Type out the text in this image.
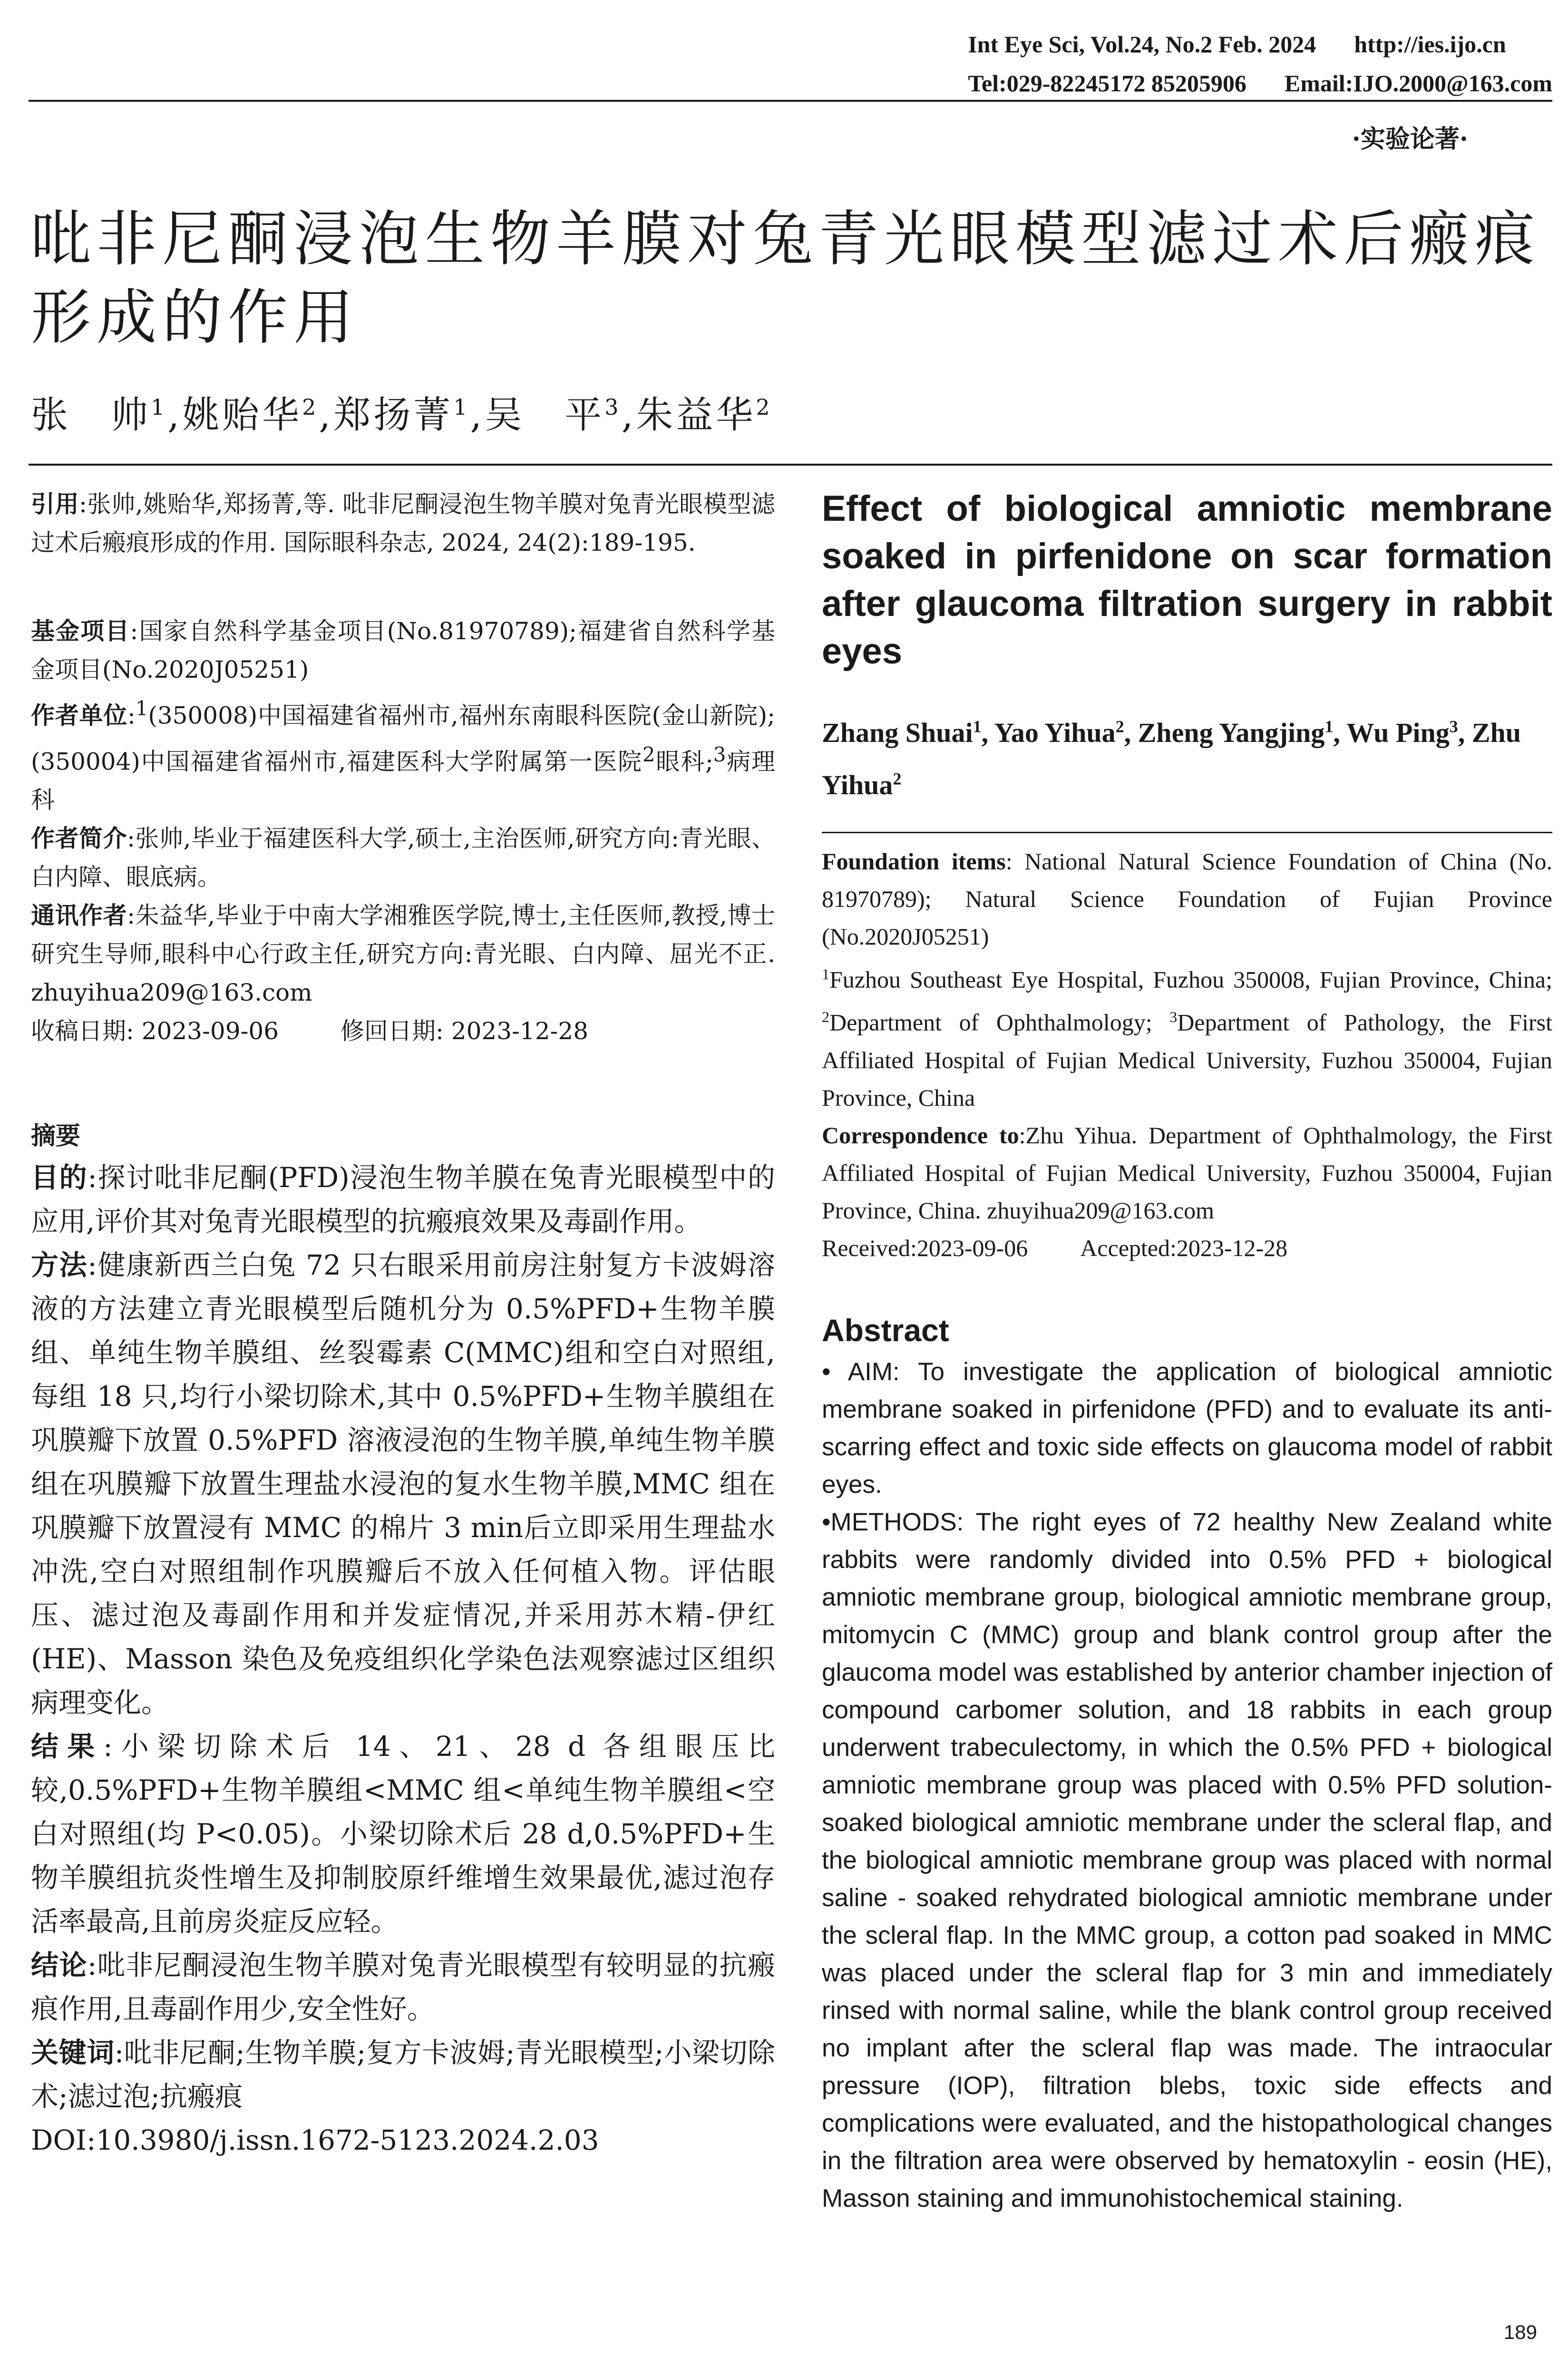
Int Eye Sci, Vol.24, No.2 Feb. 2024 http://ies.ijo.cn
Tel:029-82245172 85205906 Email:IJO.2000@163.com
·实验论著·
吡非尼酮浸泡生物羊膜对兔青光眼模型滤过术后瘢痕形成的作用
张　帅$^1$,姚贻华$^2$,郑扬菁$^1$,吴　平$^3$,朱益华$^2$

引用:张帅,姚贻华,郑扬菁,等. 吡非尼酮浸泡生物羊膜对兔青光眼模型滤过术后瘢痕形成的作用. 国际眼科杂志, 2024, 24(2):189-195.

基金项目:国家自然科学基金项目(No.81970789);福建省自然科学基金项目(No.2020J05251)

作者单位:$^1$(350008)中国福建省福州市,福州东南眼科医院(金山新院);(350004)中国福建省福州市,福建医科大学附属第一医院$^2$眼科;$^3$病理科

作者简介:张帅,毕业于福建医科大学,硕士,主治医师,研究方向:青光眼、白内障、眼底病。

通讯作者:朱益华,毕业于中南大学湘雅医学院,博士,主任医师,教授,博士研究生导师,眼科中心行政主任,研究方向:青光眼、白内障、屈光不正. zhuyihua209@163.com

收稿日期: 2023-09-06	修回日期: 2023-12-28

摘要

目的:探讨吡非尼酮(PFD)浸泡生物羊膜在兔青光眼模型中的应用,评价其对兔青光眼模型的抗瘢痕效果及毒副作用。

方法:健康新西兰白兔 72 只右眼采用前房注射复方卡波姆溶液的方法建立青光眼模型后随机分为 0.5%PFD+生物羊膜组、单纯生物羊膜组、丝裂霉素 C(MMC)组和空白对照组,每组 18 只,均行小梁切除术,其中 0.5%PFD+生物羊膜组在巩膜瓣下放置 0.5%PFD 溶液浸泡的生物羊膜,单纯生物羊膜组在巩膜瓣下放置生理盐水浸泡的复水生物羊膜,MMC 组在巩膜瓣下放置浸有 MMC 的棉片 3 min后立即采用生理盐水冲洗,空白对照组制作巩膜瓣后不放入任何植入物。评估眼压、滤过泡及毒副作用和并发症情况,并采用苏木精-伊红(HE)、Masson 染色及免疫组织化学染色法观察滤过区组织病理变化。

结果:小梁切除术后 14、21、28 d 各组眼压比较,0.5%PFD+生物羊膜组<MMC 组<单纯生物羊膜组<空白对照组(均 P<0.05)。小梁切除术后 28 d,0.5%PFD+生物羊膜组抗炎性增生及抑制胶原纤维增生效果最优,滤过泡存活率最高,且前房炎症反应轻。

结论:吡非尼酮浸泡生物羊膜对兔青光眼模型有较明显的抗瘢痕作用,且毒副作用少,安全性好。

关键词:吡非尼酮;生物羊膜;复方卡波姆;青光眼模型;小梁切除术;滤过泡;抗瘢痕

DOI:10.3980/j.issn.1672-5123.2024.2.03

Effect of biological amniotic membrane soaked in pirfenidone on scar formation after glaucoma filtration surgery in rabbit eyes

Zhang Shuai$^1$, Yao Yihua$^2$, Zheng Yangjing$^1$, Wu Ping$^3$, Zhu Yihua$^2$

Foundation items: National Natural Science Foundation of China (No. 81970789); Natural Science Foundation of Fujian Province (No.2020J05251)

$^1$Fuzhou Southeast Eye Hospital, Fuzhou 350008, Fujian Province, China; $^2$Department of Ophthalmology; $^3$Department of Pathology, the First Affiliated Hospital of Fujian Medical University, Fuzhou 350004, Fujian Province, China

Correspondence to:Zhu Yihua. Department of Ophthalmology, the First Affiliated Hospital of Fujian Medical University, Fuzhou 350004, Fujian Province, China. zhuyihua209@163.com

Received:2023-09-06 Accepted:2023-12-28

Abstract

• AIM: To investigate the application of biological amniotic membrane soaked in pirfenidone (PFD) and to evaluate its anti-scarring effect and toxic side effects on glaucoma model of rabbit eyes.

•METHODS: The right eyes of 72 healthy New Zealand white rabbits were randomly divided into 0.5% PFD + biological amniotic membrane group, biological amniotic membrane group, mitomycin C (MMC) group and blank control group after the glaucoma model was established by anterior chamber injection of compound carbomer solution, and 18 rabbits in each group underwent trabeculectomy, in which the 0.5% PFD + biological amniotic membrane group was placed with 0.5% PFD solution-soaked biological amniotic membrane under the scleral flap, and the biological amniotic membrane group was placed with normal saline - soaked rehydrated biological amniotic membrane under the scleral flap. In the MMC group, a cotton pad soaked in MMC was placed under the scleral flap for 3 min and immediately rinsed with normal saline, while the blank control group received no implant after the scleral flap was made. The intraocular pressure (IOP), filtration blebs, toxic side effects and complications were evaluated, and the histopathological changes in the filtration area were observed by hematoxylin - eosin (HE), Masson staining and immunohistochemical staining.

189
